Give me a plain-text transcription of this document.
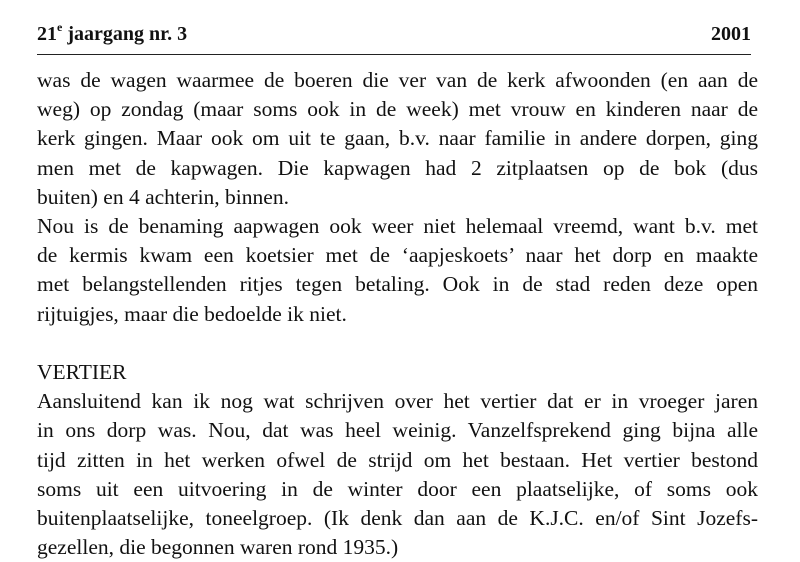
21e jaargang nr. 3	2001
was de wagen waarmee de boeren die ver van de kerk afwoonden (en aan de
weg) op zondag (maar soms ook in de week) met vrouw en kinderen naar de
kerk gingen. Maar ook om uit te gaan, b.v. naar familie in andere dorpen, ging
men met de kapwagen. Die kapwagen had 2 zitplaatsen op de bok (dus
buiten) en 4 achterin, binnen.
Nou is de benaming aapwagen ook weer niet helemaal vreemd, want b.v. met
de kermis kwam een koetsier met de ‘aapjeskoets’ naar het dorp en maakte
met belangstellenden ritjes tegen betaling. Ook in de stad reden deze open
rijtuigjes, maar die bedoelde ik niet.
VERTIER
Aansluitend kan ik nog wat schrijven over het vertier dat er in vroeger jaren
in ons dorp was. Nou, dat was heel weinig. Vanzelfsprekend ging bijna alle
tijd zitten in het werken ofwel de strijd om het bestaan. Het vertier bestond
soms uit een uitvoering in de winter door een plaatselijke, of soms ook
buitenplaatselijke, toneelgroep. (Ik denk dan aan de K.J.C. en/of Sint Jozefs-
gezellen, die begonnen waren rond 1935.)
